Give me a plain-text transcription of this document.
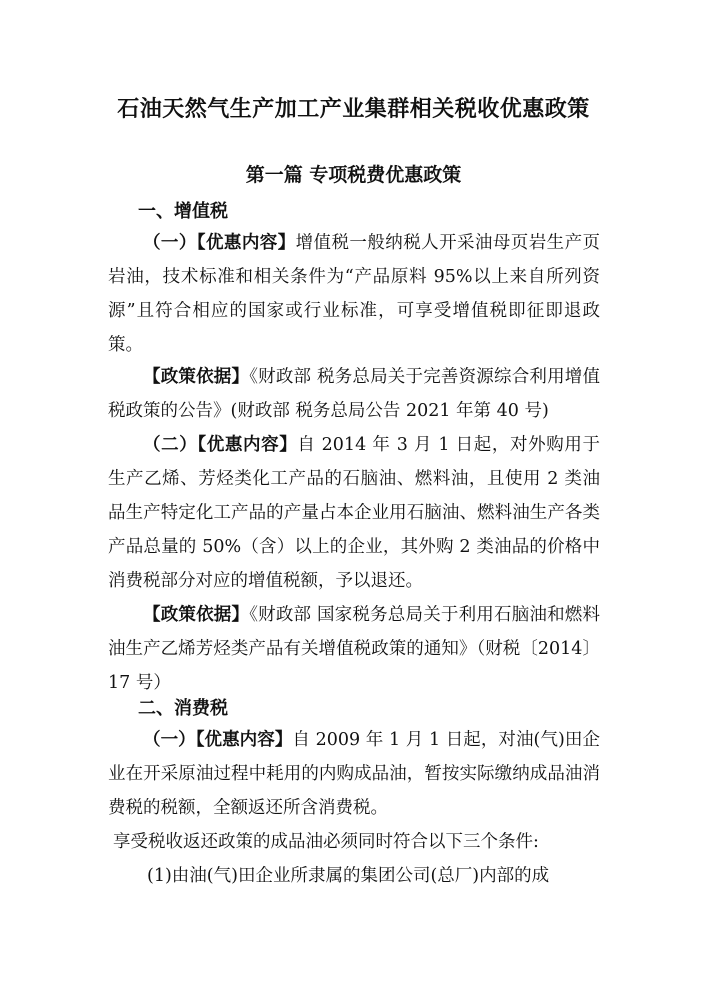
石油天然气生产加工产业集群相关税收优惠政策
第一篇 专项税费优惠政策
一、增值税

（一）【优惠内容】增值税一般纳税人开采油母页岩生产页岩油，技术标准和相关条件为“产品原料 95%以上来自所列资源”且符合相应的国家或行业标准，可享受增值税即征即退政策。

【政策依据】《财政部 税务总局关于完善资源综合利用增值税政策的公告》(财政部 税务总局公告 2021 年第 40 号)

（二）【优惠内容】自 2014 年 3 月 1 日起，对外购用于生产乙烯、芳烃类化工产品的石脑油、燃料油，且使用 2 类油品生产特定化工产品的产量占本企业用石脑油、燃料油生产各类产品总量的 50%（含）以上的企业，其外购 2 类油品的价格中消费税部分对应的增值税额，予以退还。

【政策依据】《财政部 国家税务总局关于利用石脑油和燃料油生产乙烯芳烃类产品有关增值税政策的通知》（财税〔2014〕17 号）

二、消费税

（一）【优惠内容】自 2009 年 1 月 1 日起，对油(气)田企业在开采原油过程中耗用的内购成品油，暂按实际缴纳成品油消费税的税额，全额返还所含消费税。

享受税收返还政策的成品油必须同时符合以下三个条件:

(1)由油(气)田企业所隶属的集团公司(总厂)内部的成
